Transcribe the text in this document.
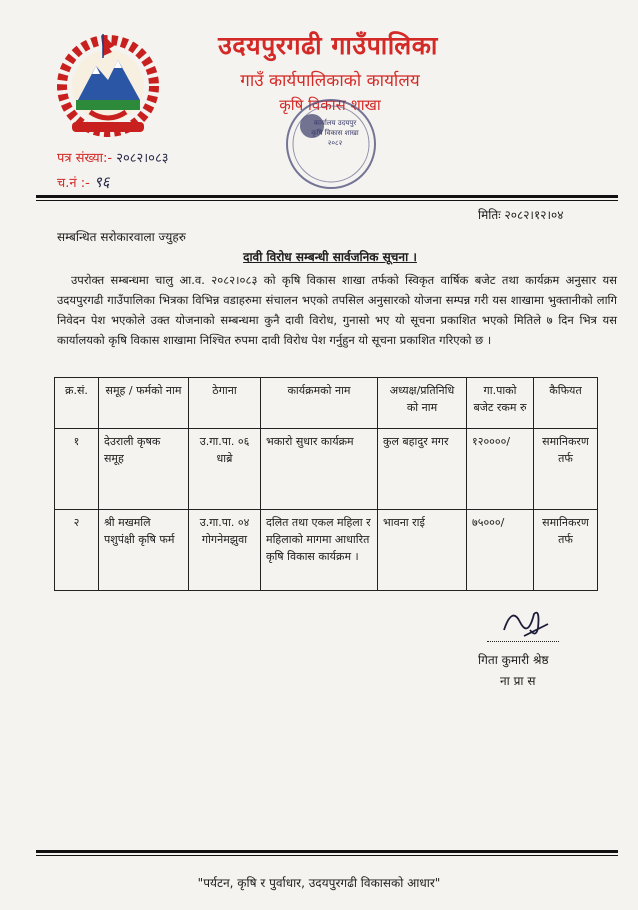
उदयपुरगढी गाउँपालिका
गाउँ कार्यपालिकाको कार्यालय
कृषि विकास शाखा
कार्यालय उदयपुर
कृषि विकास शाखा
२०८२
पत्र संख्या:- २०८२।०८३
च.नं :- ९६
मितिः २०८२।१२।०४
सम्बन्धित सरोकारवाला ज्युहरु
दावी विरोध सम्बन्धी सार्वजनिक सूचना ।

उपरोक्त सम्बन्धमा चालु आ.व. २०८२।०८३ को कृषि विकास शाखा तर्फको स्विकृत वार्षिक बजेट तथा कार्यक्रम अनुसार यस उदयपुरगढी गाउँपालिका भित्रका विभिन्न वडाहरुमा संचालन भएको तपसिल अनुसारको योजना सम्पन्न गरी यस शाखामा भुक्तानीको लागि निवेदन पेश भएकोले उक्त योजनाको सम्बन्धमा कुनै दावी विरोध, गुनासो भए यो सूचना प्रकाशित भएको मितिले ७ दिन भित्र यस कार्यालयको कृषि विकास शाखामा निश्चित रुपमा दावी विरोध पेश गर्नुहुन यो सूचना प्रकाशित गरिएको छ ।

क्र.सं.	समूह / फर्मको नाम	ठेगाना	कार्यक्रमको नाम	अध्यक्ष/प्रतिनिधि को नाम	गा.पाको बजेट रकम रु	कैफियत
१	देउराली कृषक समूह	उ.गा.पा. ०६ धाब्रे	भकारो सुधार कार्यक्रम	कुल बहादुर मगर	१२००००/	समानिकरण तर्फ
२	श्री मखमलि पशुपंक्षी कृषि फर्म	उ.गा.पा. ०४ गोगनेमझुवा	दलित तथा एकल महिला र महिलाको मागमा आधारित कृषि विकास कार्यक्रम ।	भावना राई	७५०००/	समानिकरण तर्फ
गिता कुमारी श्रेष्ठ
ना प्रा स
"पर्यटन, कृषि र पुर्वाधार, उदयपुरगढी विकासको आधार"
